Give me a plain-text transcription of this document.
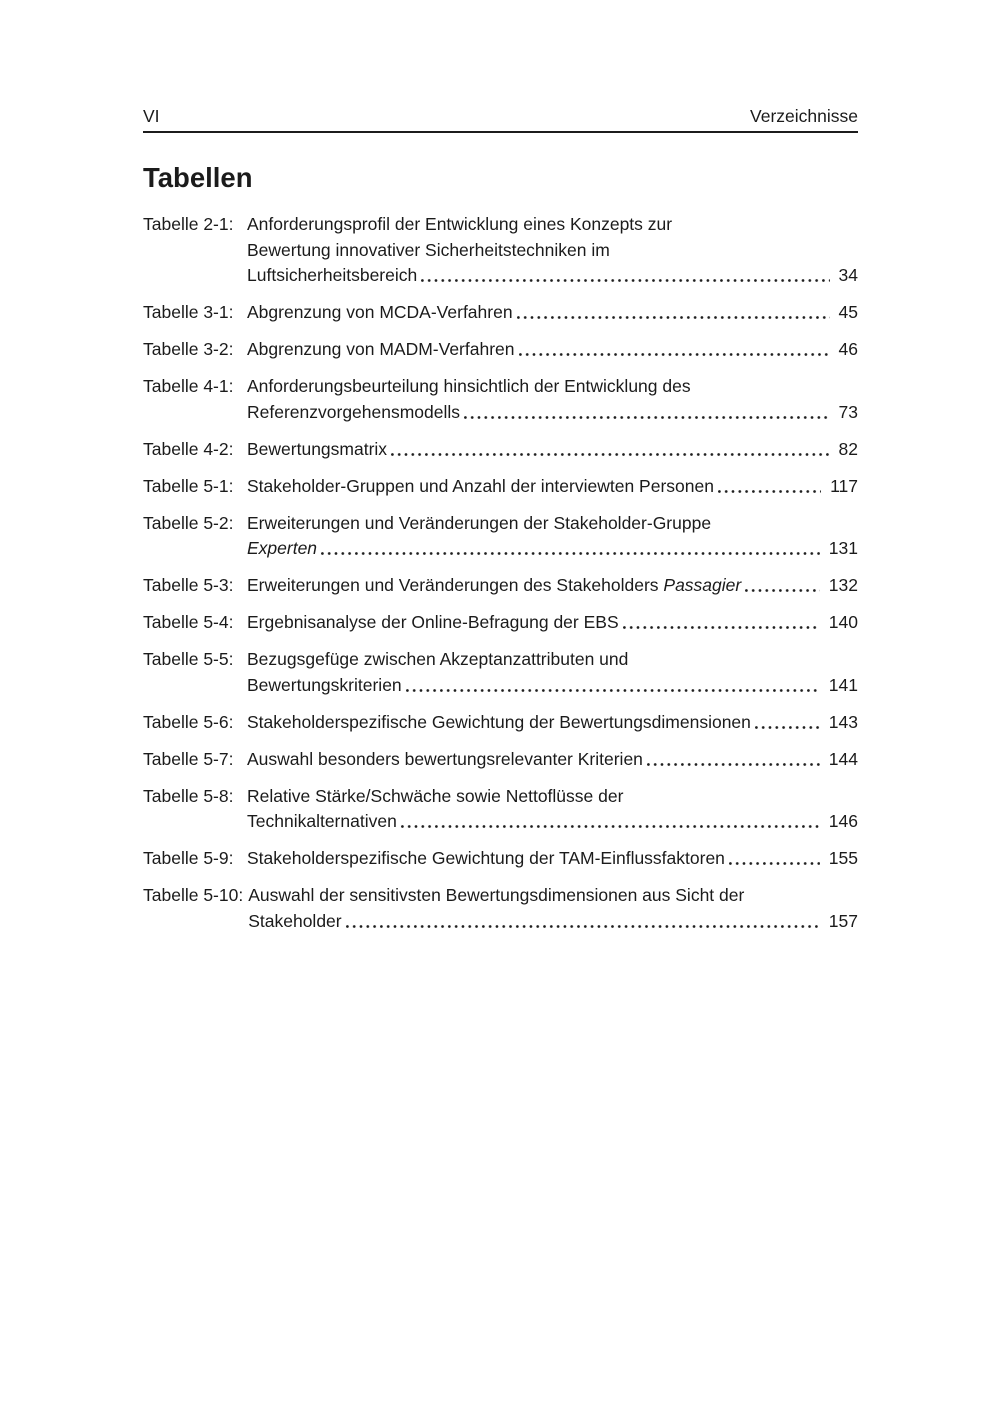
VI	Verzeichnisse
Tabellen
Tabelle 2-1: Anforderungsprofil der Entwicklung eines Konzepts zur
Bewertung innovativer Sicherheitstechniken im
Luftsicherheitsbereich	34
Tabelle 3-1: Abgrenzung von MCDA-Verfahren	45
Tabelle 3-2: Abgrenzung von MADM-Verfahren	46
Tabelle 4-1: Anforderungsbeurteilung hinsichtlich der Entwicklung des
Referenzvorgehensmodells	73
Tabelle 4-2: Bewertungsmatrix	82
Tabelle 5-1: Stakeholder-Gruppen und Anzahl der interviewten Personen	117
Tabelle 5-2: Erweiterungen und Veränderungen der Stakeholder-Gruppe
Experten	131
Tabelle 5-3: Erweiterungen und Veränderungen des Stakeholders Passagier	132
Tabelle 5-4: Ergebnisanalyse der Online-Befragung der EBS	140
Tabelle 5-5: Bezugsgefüge zwischen Akzeptanzattributen und
Bewertungskriterien	141
Tabelle 5-6: Stakeholderspezifische Gewichtung der Bewertungsdimensionen	143
Tabelle 5-7: Auswahl besonders bewertungsrelevanter Kriterien	144
Tabelle 5-8: Relative Stärke/Schwäche sowie Nettoflüsse der
Technikalternativen	146
Tabelle 5-9: Stakeholderspezifische Gewichtung der TAM-Einflussfaktoren	155
Tabelle 5-10: Auswahl der sensitivsten Bewertungsdimensionen aus Sicht der
Stakeholder	157
